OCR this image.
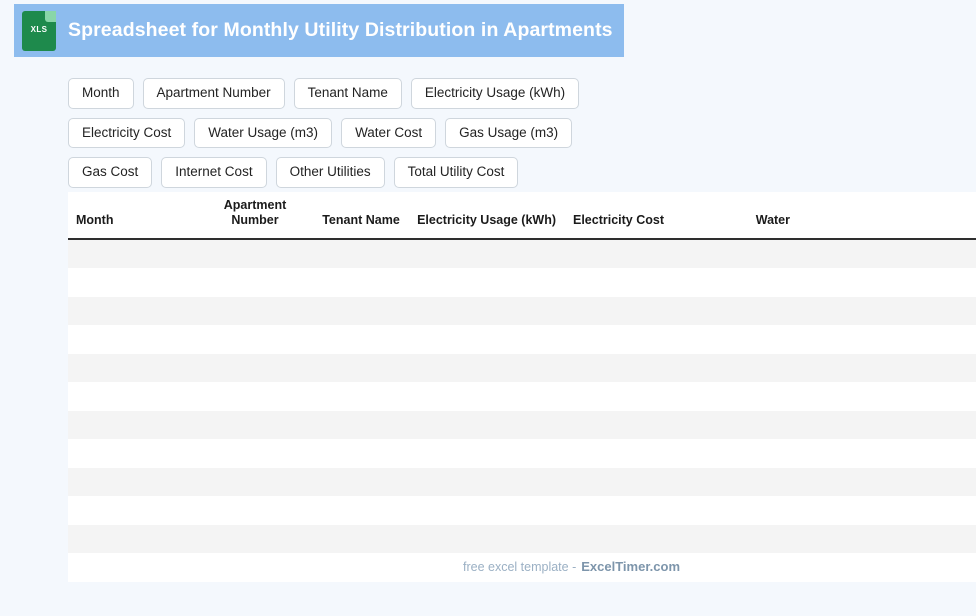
XLS	Spreadsheet for Monthly Utility Distribution in Apartments
Month	Apartment Number	Tenant Name	Electricity Usage (kWh)
Electricity Cost	Water Usage (m3)	Water Cost	Gas Usage (m3)
Gas Cost	Internet Cost	Other Utilities	Total Utility Cost
Month	Apartment Number	Tenant Name	Electricity Usage (kWh)	Electricity Cost	Water		

free excel template - ExcelTimer.com
